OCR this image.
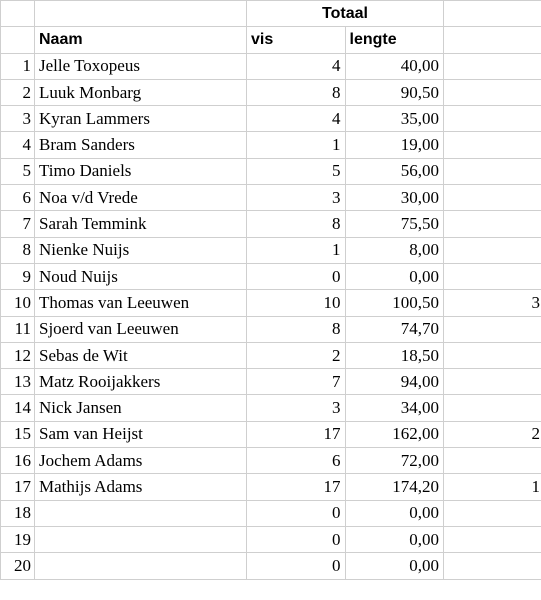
		Totaal		
	Naam	vis	lengte	
1	Jelle Toxopeus	4	40,00	
2	Luuk Monbarg	8	90,50	
3	Kyran Lammers	4	35,00	
4	Bram Sanders	1	19,00	
5	Timo Daniels	5	56,00	
6	Noa v/d Vrede	3	30,00	
7	Sarah Temmink	8	75,50	
8	Nienke Nuijs	1	8,00	
9	Noud Nuijs	0	0,00	
10	Thomas van Leeuwen	10	100,50	3
11	Sjoerd van Leeuwen	8	74,70	
12	Sebas de Wit	2	18,50	
13	Matz Rooijakkers	7	94,00	
14	Nick Jansen	3	34,00	
15	Sam van Heijst	17	162,00	2
16	Jochem Adams	6	72,00	
17	Mathijs Adams	17	174,20	1
18		0	0,00	
19		0	0,00	
20		0	0,00	
